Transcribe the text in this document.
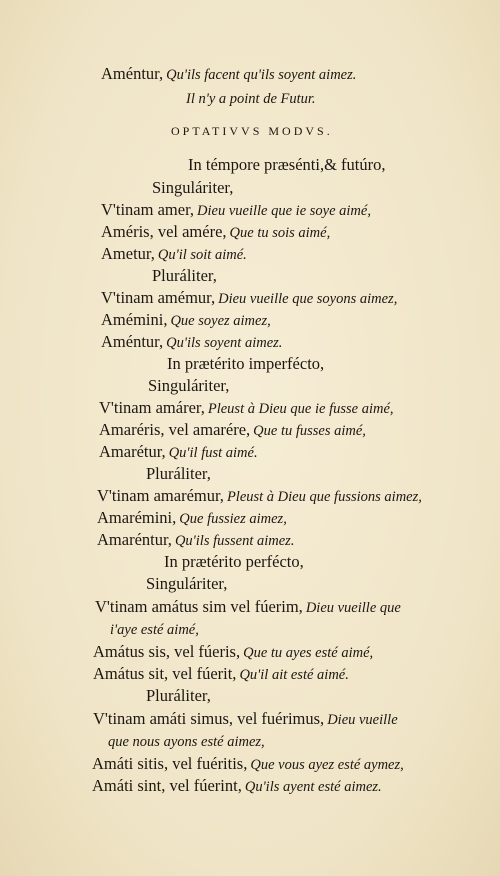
Améntur, Qu'ils facent qu'ils soyent aimez.
Il n'y a point de Futur.
OPTATIVVS MODVS.
In témpore præsénti,& futúro,
Singuláriter,
V'tinam amer, Dieu vueille que ie soye aimé,
Améris, vel amére, Que tu sois aimé,
Ametur, Qu'il soit aimé.
Pluráliter,
V'tinam amémur, Dieu vueille que soyons aimez,
Amémini, Que soyez aimez,
Améntur, Qu'ils soyent aimez.
In prætérito imperfécto,
Singuláriter,
V'tinam amárer, Pleust à Dieu que ie fusse aimé,
Amaréris, vel amarére, Que tu fusses aimé,
Amarétur, Qu'il fust aimé.
Pluráliter,
V'tinam amarémur, Pleust à Dieu que fussions aimez,
Amarémini, Que fussiez aimez,
Amaréntur, Qu'ils fussent aimez.
In prætérito perfécto,
Singuláriter,
V'tinam amátus sim vel fúerim, Dieu vueille que
i'aye esté aimé,
Amátus sis, vel fúeris, Que tu ayes esté aimé,
Amátus sit, vel fúerit, Qu'il ait esté aimé.
Pluráliter,
V'tinam amáti simus, vel fuérimus, Dieu vueille
que nous ayons esté aimez,
Amáti sitis, vel fuéritis, Que vous ayez esté aymez,
Amáti sint, vel fúerint, Qu'ils ayent esté aimez.
